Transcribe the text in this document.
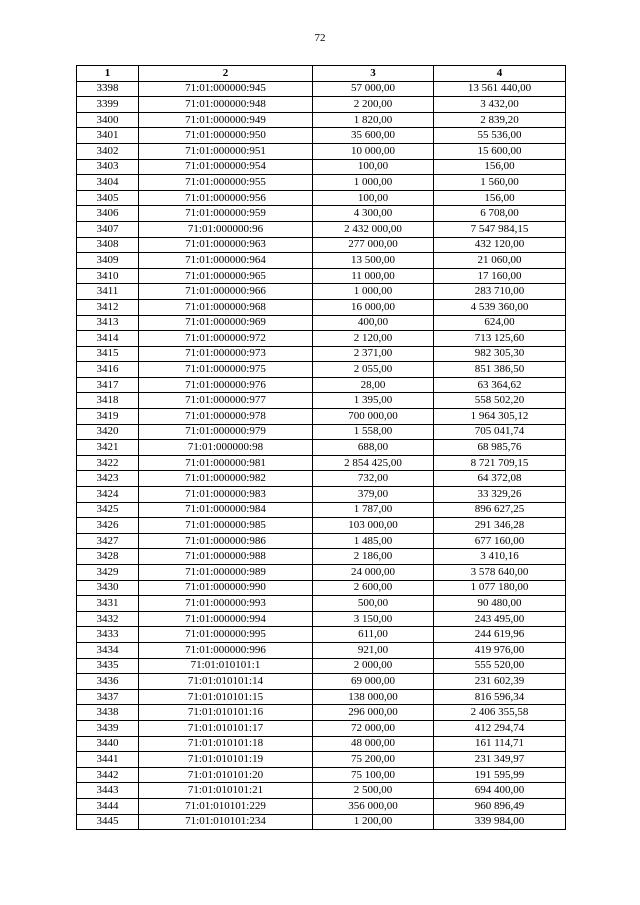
72
1	2	3	4
3398	71:01:000000:945	57 000,00	13 561 440,00
3399	71:01:000000:948	2 200,00	3 432,00
3400	71:01:000000:949	1 820,00	2 839,20
3401	71:01:000000:950	35 600,00	55 536,00
3402	71:01:000000:951	10 000,00	15 600,00
3403	71:01:000000:954	100,00	156,00
3404	71:01:000000:955	1 000,00	1 560,00
3405	71:01:000000:956	100,00	156,00
3406	71:01:000000:959	4 300,00	6 708,00
3407	71:01:000000:96	2 432 000,00	7 547 984,15
3408	71:01:000000:963	277 000,00	432 120,00
3409	71:01:000000:964	13 500,00	21 060,00
3410	71:01:000000:965	11 000,00	17 160,00
3411	71:01:000000:966	1 000,00	283 710,00
3412	71:01:000000:968	16 000,00	4 539 360,00
3413	71:01:000000:969	400,00	624,00
3414	71:01:000000:972	2 120,00	713 125,60
3415	71:01:000000:973	2 371,00	982 305,30
3416	71:01:000000:975	2 055,00	851 386,50
3417	71:01:000000:976	28,00	63 364,62
3418	71:01:000000:977	1 395,00	558 502,20
3419	71:01:000000:978	700 000,00	1 964 305,12
3420	71:01:000000:979	1 558,00	705 041,74
3421	71:01:000000:98	688,00	68 985,76
3422	71:01:000000:981	2 854 425,00	8 721 709,15
3423	71:01:000000:982	732,00	64 372,08
3424	71:01:000000:983	379,00	33 329,26
3425	71:01:000000:984	1 787,00	896 627,25
3426	71:01:000000:985	103 000,00	291 346,28
3427	71:01:000000:986	1 485,00	677 160,00
3428	71:01:000000:988	2 186,00	3 410,16
3429	71:01:000000:989	24 000,00	3 578 640,00
3430	71:01:000000:990	2 600,00	1 077 180,00
3431	71:01:000000:993	500,00	90 480,00
3432	71:01:000000:994	3 150,00	243 495,00
3433	71:01:000000:995	611,00	244 619,96
3434	71:01:000000:996	921,00	419 976,00
3435	71:01:010101:1	2 000,00	555 520,00
3436	71:01:010101:14	69 000,00	231 602,39
3437	71:01:010101:15	138 000,00	816 596,34
3438	71:01:010101:16	296 000,00	2 406 355,58
3439	71:01:010101:17	72 000,00	412 294,74
3440	71:01:010101:18	48 000,00	161 114,71
3441	71:01:010101:19	75 200,00	231 349,97
3442	71:01:010101:20	75 100,00	191 595,99
3443	71:01:010101:21	2 500,00	694 400,00
3444	71:01:010101:229	356 000,00	960 896,49
3445	71:01:010101:234	1 200,00	339 984,00
